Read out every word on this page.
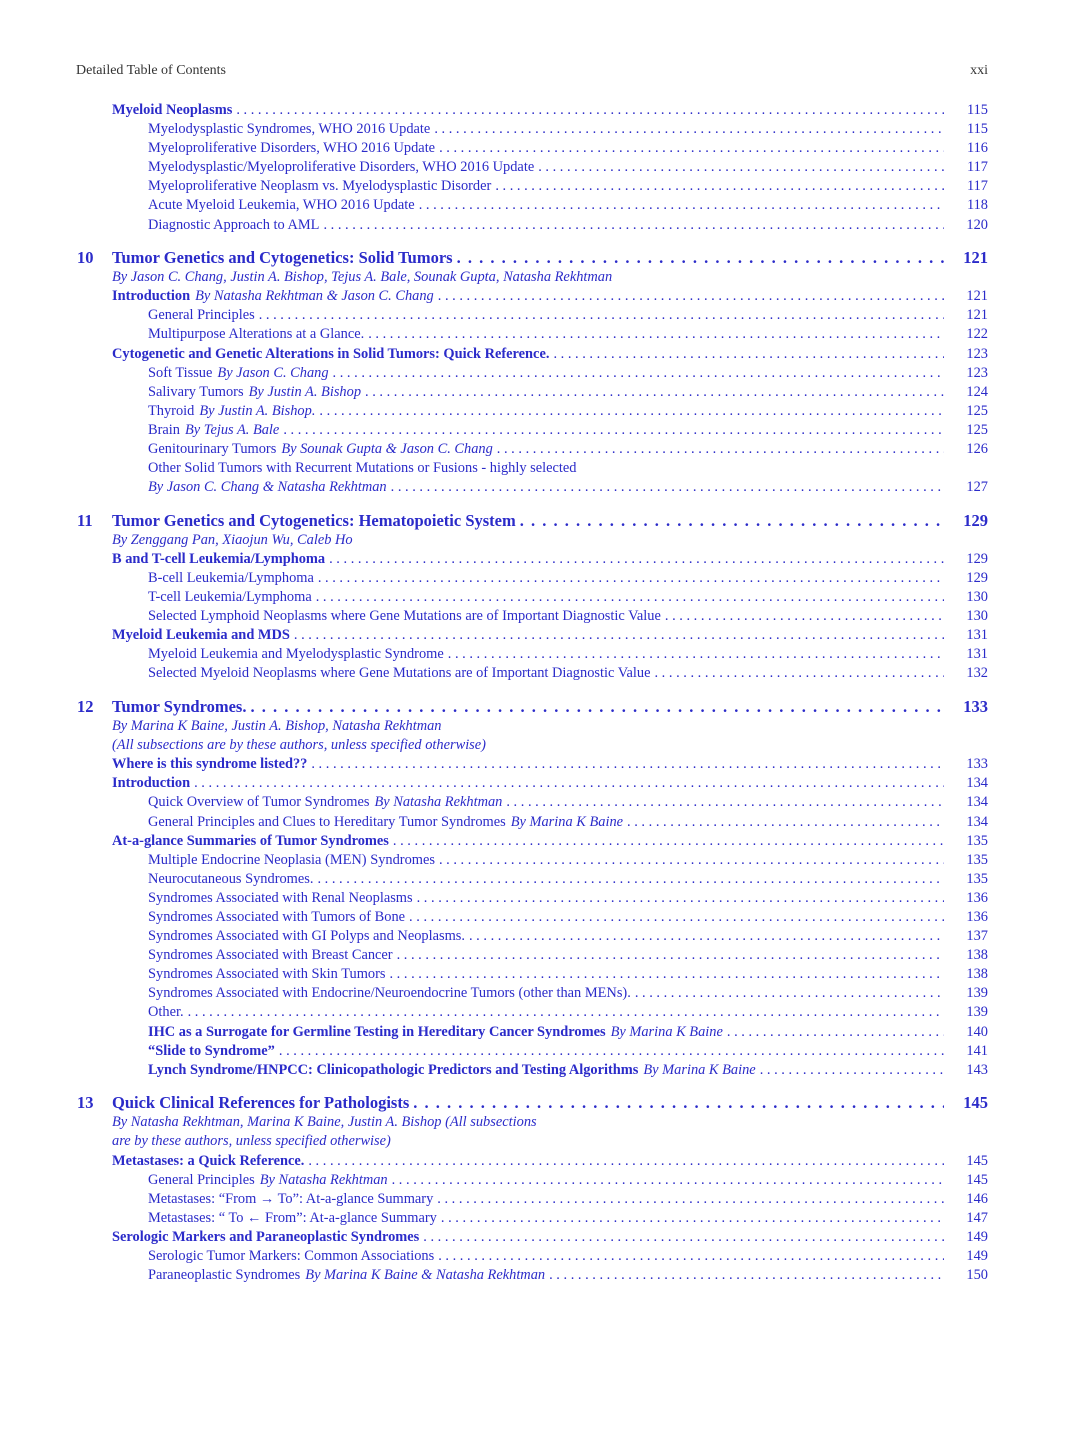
Detailed Table of Contents	xxi
Myeloid Neoplasms . . .	115
Myelodysplastic Syndromes, WHO 2016 Update . . .	115
Myeloproliferative Disorders, WHO 2016 Update . . .	116
Myelodysplastic/Myeloproliferative Disorders, WHO 2016 Update . . .	117
Myeloproliferative Neoplasm vs. Myelodysplastic Disorder . . .	117
Acute Myeloid Leukemia, WHO 2016 Update . . .	118
Diagnostic Approach to AML . . .	120
10	Tumor Genetics and Cytogenetics: Solid Tumors . . .	121
By Jason C. Chang, Justin A. Bishop, Tejus A. Bale, Sounak Gupta, Natasha Rekhtman
Introduction By Natasha Rekhtman & Jason C. Chang . . .	121
General Principles . . .	121
Multipurpose Alterations at a Glance. . . .	122
Cytogenetic and Genetic Alterations in Solid Tumors: Quick Reference. . . .	123
Soft Tissue By Jason C. Chang . . .	123
Salivary Tumors By Justin A. Bishop . . .	124
Thyroid By Justin A. Bishop. . . .	125
Brain By Tejus A. Bale . . .	125
Genitourinary Tumors By Sounak Gupta & Jason C. Chang . . .	126
Other Solid Tumors with Recurrent Mutations or Fusions - highly selected
By Jason C. Chang & Natasha Rekhtman . . .	127
11	Tumor Genetics and Cytogenetics: Hematopoietic System . . .	129
By Zenggang Pan, Xiaojun Wu, Caleb Ho
B and T-cell Leukemia/Lymphoma . . .	129
B-cell Leukemia/Lymphoma . . .	129
T-cell Leukemia/Lymphoma . . .	130
Selected Lymphoid Neoplasms where Gene Mutations are of Important Diagnostic Value . . .	130
Myeloid Leukemia and MDS . . .	131
Myeloid Leukemia and Myelodysplastic Syndrome . . .	131
Selected Myeloid Neoplasms where Gene Mutations are of Important Diagnostic Value . . .	132
12	Tumor Syndromes. . . .	133
By Marina K Baine, Justin A. Bishop, Natasha Rekhtman
(All subsections are by these authors, unless specified otherwise)
Where is this syndrome listed?? . . .	133
Introduction . . .	134
Quick Overview of Tumor Syndromes By Natasha Rekhtman . . .	134
General Principles and Clues to Hereditary Tumor Syndromes By Marina K Baine . . .	134
At-a-glance Summaries of Tumor Syndromes . . .	135
Multiple Endocrine Neoplasia (MEN) Syndromes . . .	135
Neurocutaneous Syndromes. . . .	135
Syndromes Associated with Renal Neoplasms . . .	136
Syndromes Associated with Tumors of Bone . . .	136
Syndromes Associated with GI Polyps and Neoplasms. . . .	137
Syndromes Associated with Breast Cancer . . .	138
Syndromes Associated with Skin Tumors . . .	138
Syndromes Associated with Endocrine/Neuroendocrine Tumors (other than MENs). . . .	139
Other. . . .	139
IHC as a Surrogate for Germline Testing in Hereditary Cancer Syndromes By Marina K Baine . . .	140
“Slide to Syndrome” . . .	141
Lynch Syndrome/HNPCC: Clinicopathologic Predictors and Testing Algorithms By Marina K Baine . . .	143
13	Quick Clinical References for Pathologists . . .	145
By Natasha Rekhtman, Marina K Baine, Justin A. Bishop (All subsections
are by these authors, unless specified otherwise)
Metastases: a Quick Reference. . . .	145
General Principles By Natasha Rekhtman . . .	145
Metastases: “From → To”: At-a-glance Summary . . .	146
Metastases: “ To ← From”: At-a-glance Summary . . .	147
Serologic Markers and Paraneoplastic Syndromes . . .	149
Serologic Tumor Markers: Common Associations . . .	149
Paraneoplastic Syndromes By Marina K Baine & Natasha Rekhtman . . .	150
